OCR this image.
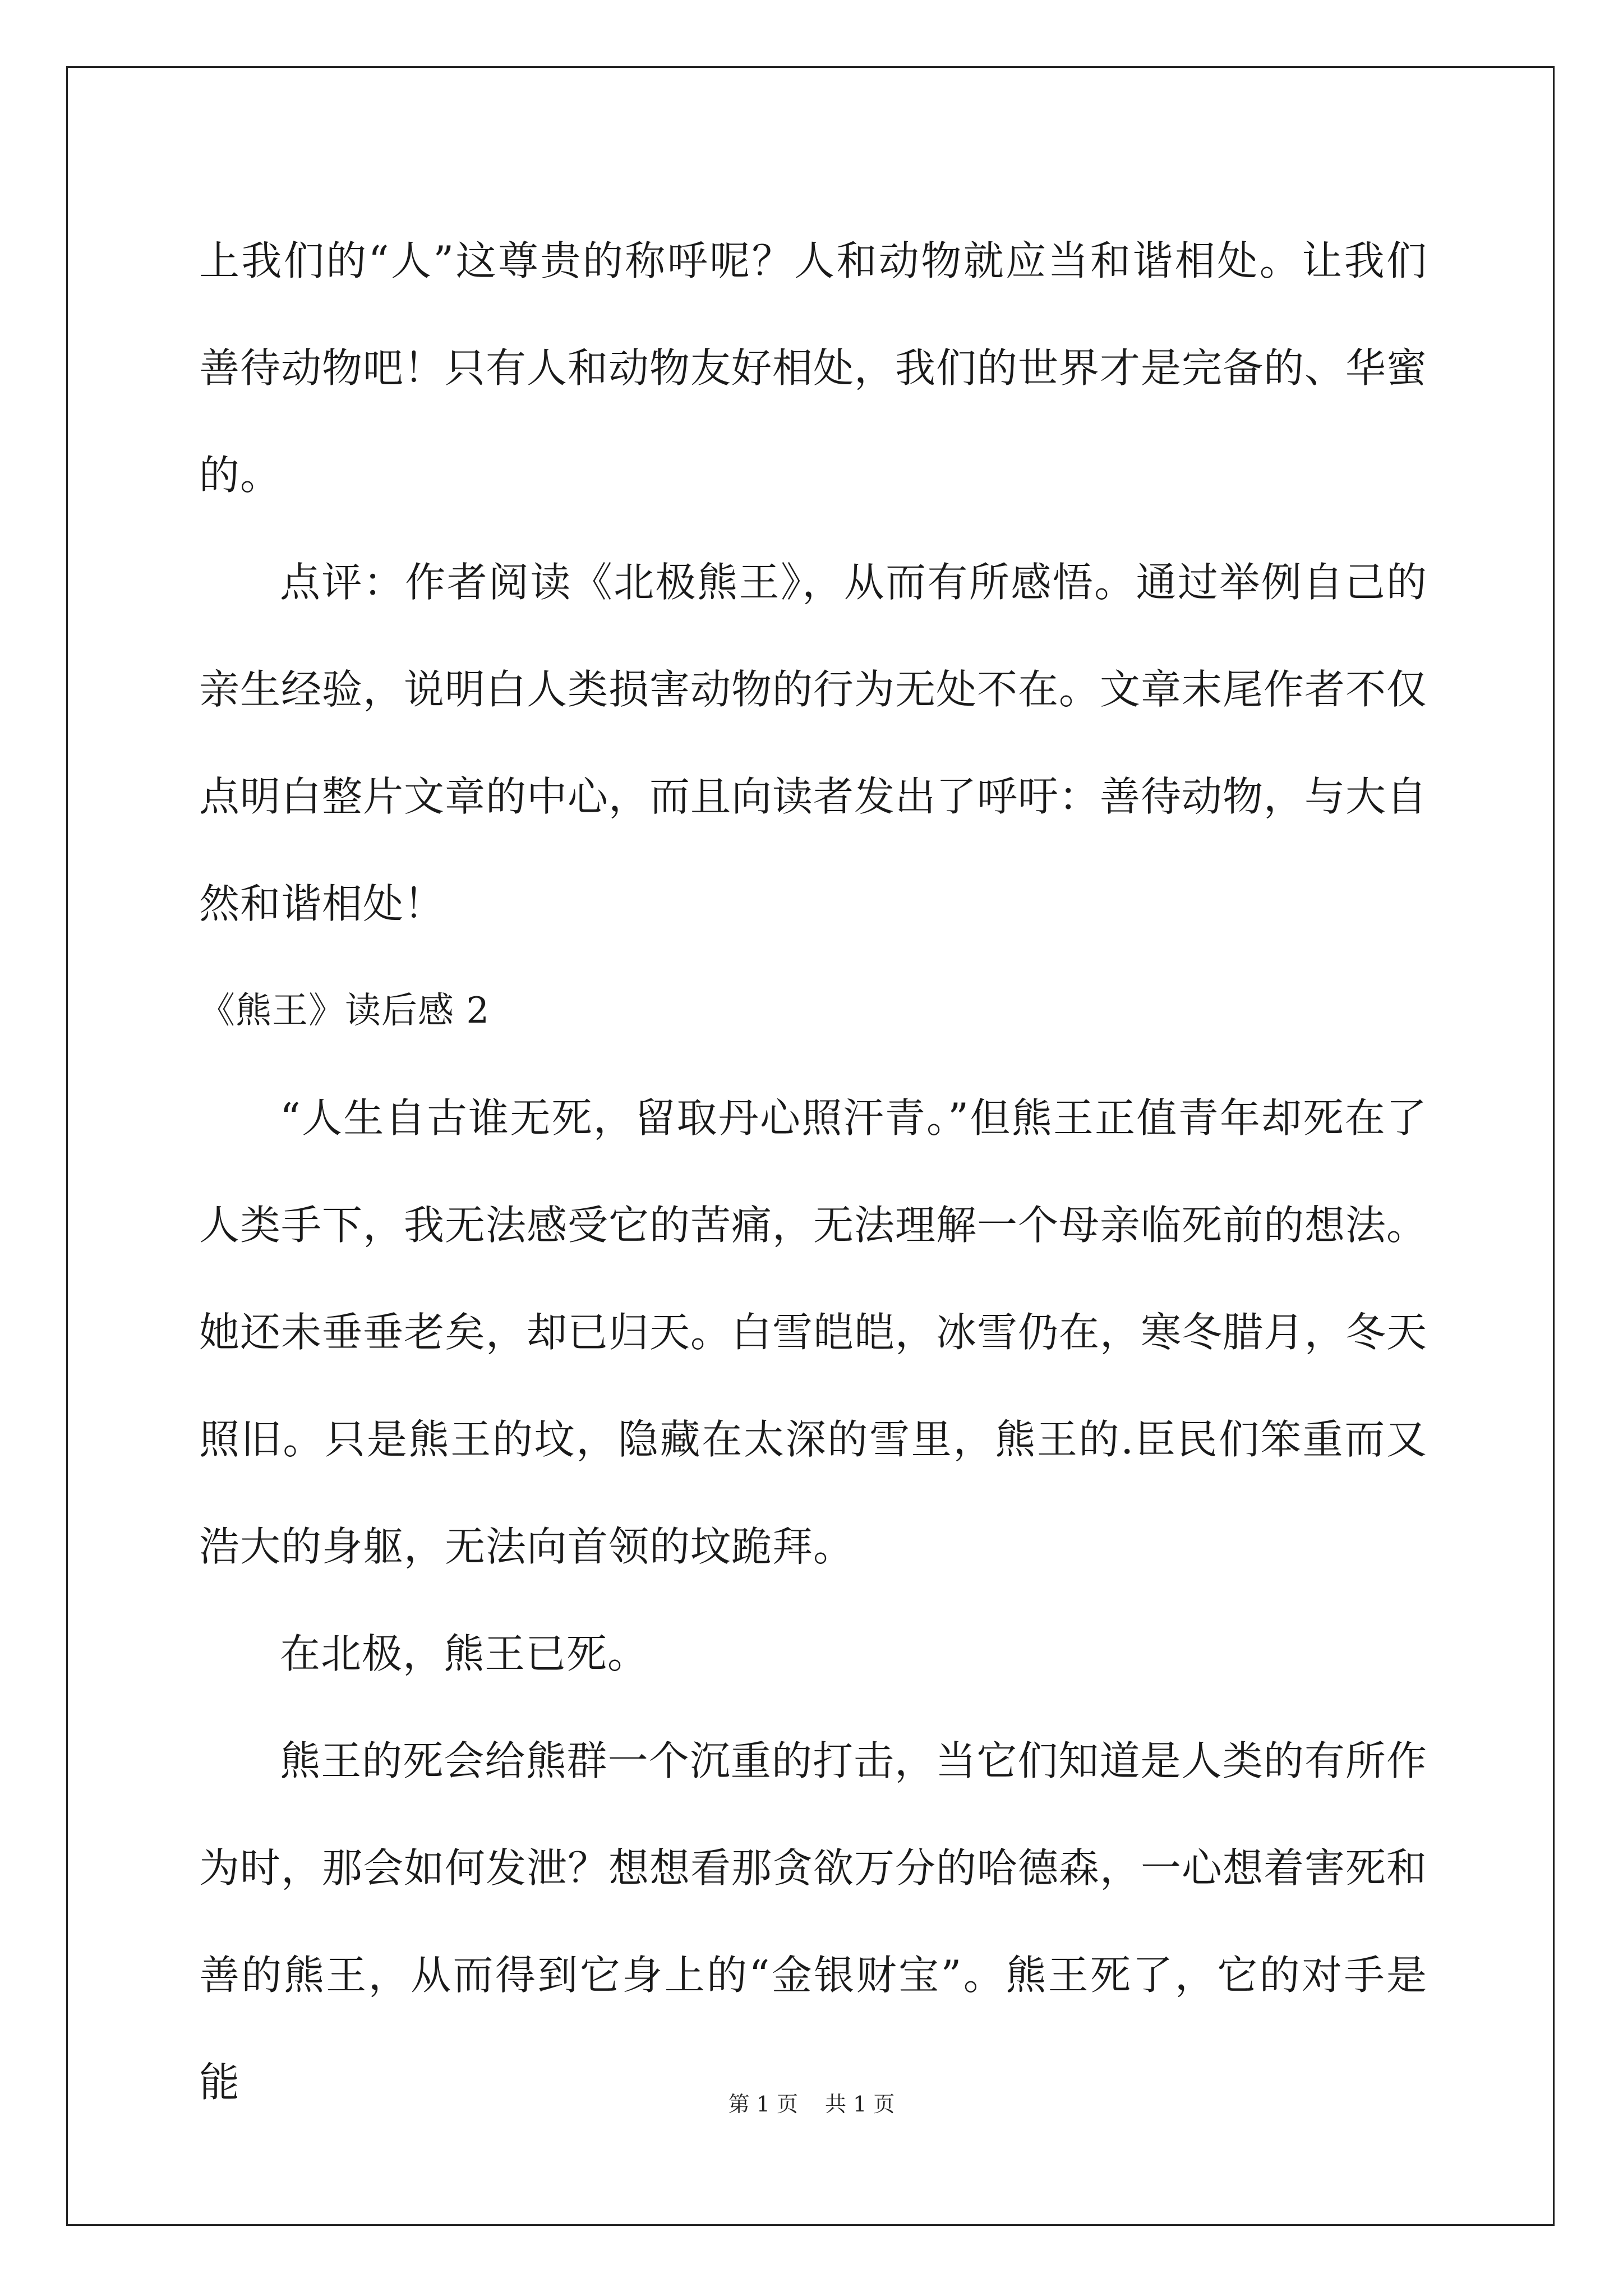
上我们的“人”这尊贵的称呼呢？人和动物就应当和谐相处。让我们善待动物吧！只有人和动物友好相处，我们的世界才是完备的、华蜜的。

点评：作者阅读《北极熊王》，从而有所感悟。通过举例自己的亲生经验，说明白人类损害动物的行为无处不在。文章末尾作者不仅点明白整片文章的中心，而且向读者发出了呼吁：善待动物，与大自然和谐相处！

《熊王》读后感 2

“人生自古谁无死，留取丹心照汗青。”但熊王正值青年却死在了人类手下，我无法感受它的苦痛，无法理解一个母亲临死前的想法。她还未垂垂老矣，却已归天。白雪皑皑，冰雪仍在，寒冬腊月，冬天照旧。只是熊王的坟，隐藏在太深的雪里，熊王的.臣民们笨重而又浩大的身躯，无法向首领的坟跪拜。

在北极，熊王已死。

熊王的死会给熊群一个沉重的打击，当它们知道是人类的有所作为时，那会如何发泄？想想看那贪欲万分的哈德森，一心想着害死和善的熊王，从而得到它身上的“金银财宝”。熊王死了，它的对手是能	第 1 页 共 1 页
